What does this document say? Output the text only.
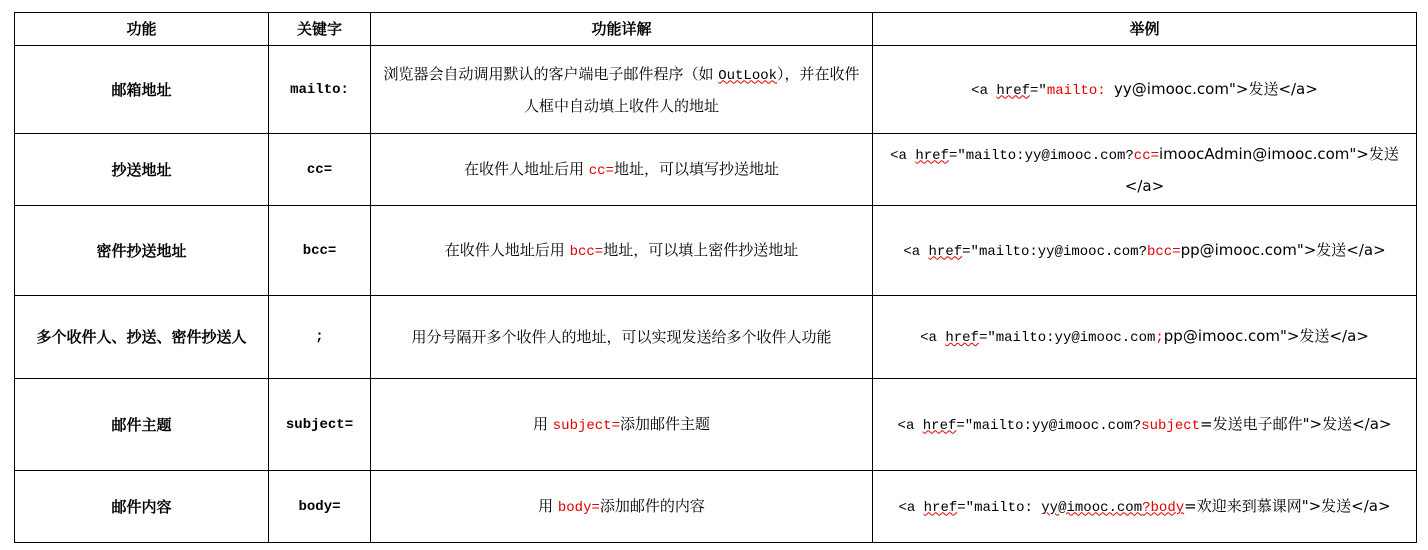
功能	关键字	功能详解	举例
邮箱地址	mailto:	浏览器会自动调用默认的客户端电子邮件程序（如 OutLook），并在收件人框中自动填上收件人的地址	<a href="mailto: yy@imooc.com">发送</a>
抄送地址	cc=	在收件人地址后用 cc=地址，可以填写抄送地址	<a href="mailto:yy@imooc.com?cc=imoocAdmin@imooc.com">发送</a>
密件抄送地址	bcc=	在收件人地址后用 bcc=地址，可以填上密件抄送地址	<a href="mailto:yy@imooc.com?bcc=pp@imooc.com">发送</a>
多个收件人、抄送、密件抄送人	;	用分号隔开多个收件人的地址，可以实现发送给多个收件人功能	<a href="mailto:yy@imooc.com;pp@imooc.com">发送</a>
邮件主题	subject=	用 subject=添加邮件主题	<a href="mailto:yy@imooc.com?subject=发送电子邮件">发送</a>
邮件内容	body=	用 body=添加邮件的内容	<a href="mailto: yy@imooc.com?body=欢迎来到慕课网">发送</a>
